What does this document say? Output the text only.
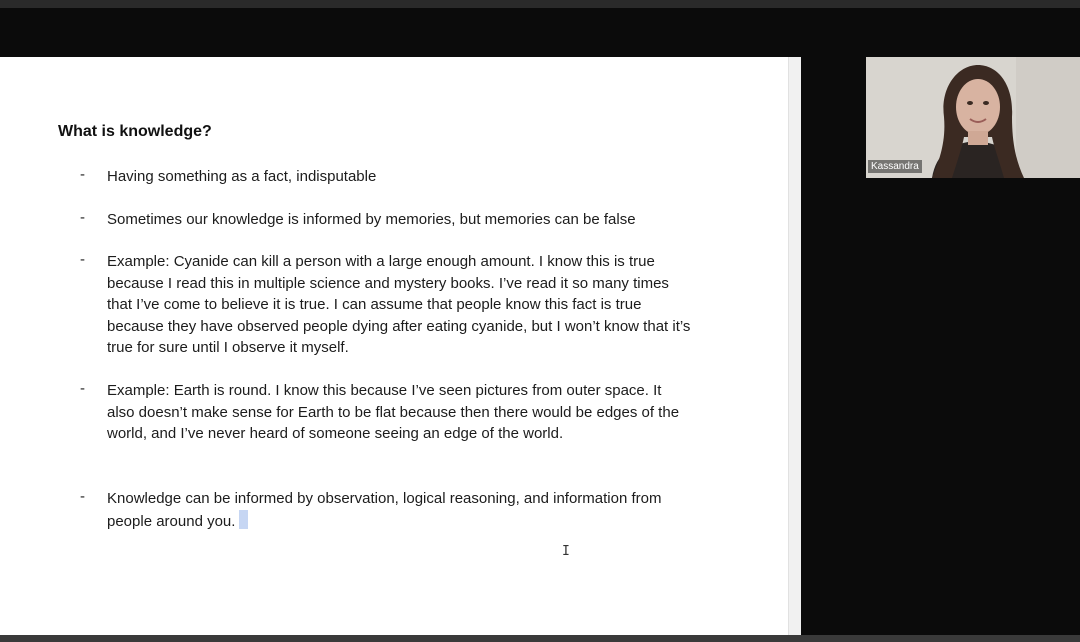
What is knowledge?
- Having something as a fact, indisputable
- Sometimes our knowledge is informed by memories, but memories can be false
- Example: Cyanide can kill a person with a large enough amount. I know this is true because I read this in multiple science and mystery books. I’ve read it so many times that I’ve come to believe it is true. I can assume that people know this fact is true because they have observed people dying after eating cyanide, but I won’t know that it’s true for sure until I observe it myself.
- Example: Earth is round. I know this because I’ve seen pictures from outer space. It also doesn’t make sense for Earth to be flat because then there would be edges of the world, and I’ve never heard of someone seeing an edge of the world.
- Knowledge can be informed by observation, logical reasoning, and information from people around you.
I
Kassandra
